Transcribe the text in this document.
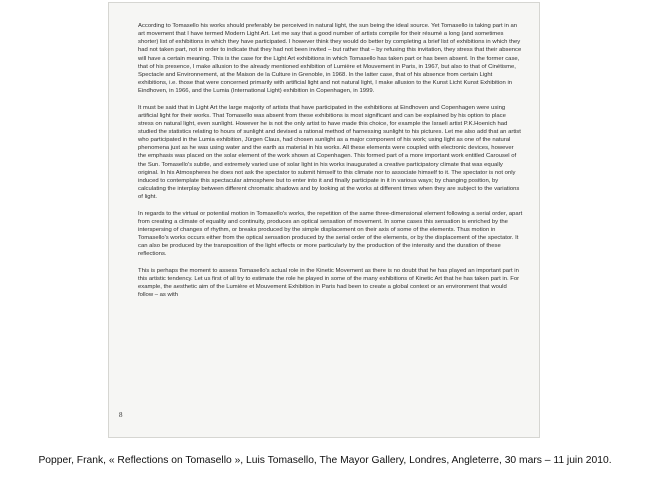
According to Tomasello his works should preferably be perceived in natural light, the sun being the ideal source. Yet Tomasello is taking part in an art movement that I have termed Modern Light Art. Let me say that a good number of artists compile for their résumé a long (and sometimes shorter) list of exhibitions in which they have participated. I however think they would do better by completing a brief list of exhibitions in which they had not taken part, not in order to indicate that they had not been invited – but rather that – by refusing this invitation, they stress that their absence will have a certain meaning. This is the case for the Light Art exhibitions in which Tomasello has taken part or has been absent. In the former case, that of his presence, I make allusion to the already mentioned exhibition of Lumière et Mouvement in Paris, in 1967, but also to that of Cinétisme, Spectacle and Environnement, at the Maison de la Culture in Grenoble, in 1968. In the latter case, that of his absence from certain Light exhibitions, i.e. those that were concerned primarily with artificial light and not natural light, I make allusion to the Kunst Licht Kunst Exhibition in Eindhoven, in 1966, and the Lumia (International Light) exhibition in Copenhagen, in 1999.

It must be said that in Light Art the large majority of artists that have participated in the exhibitions at Eindhoven and Copenhagen were using artificial light for their works. That Tomasello was absent from these exhibitions is most significant and can be explained by his option to place stress on natural light, even sunlight. However he is not the only artist to have made this choice, for example the Israeli artist P.K.Hoenich had studied the statistics relating to hours of sunlight and devised a rational method of harnessing sunlight to his pictures. Let me also add that an artist who participated in the Lumia exhibition, Jürgen Claus, had chosen sunlight as a major component of his work; using light as one of the natural phenomena just as he was using water and the earth as material in his works. All these elements were coupled with electronic devices, however the emphasis was placed on the solar element of the work shown at Copenhagen. This formed part of a more important work entitled Carousel of the Sun. Tomasello's subtle, and extremely varied use of solar light in his works inaugurated a creative participatory climate that was equally original. In his Atmospheres he does not ask the spectator to submit himself to this climate nor to associate himself to it. The spectator is not only induced to contemplate this spectacular atmosphere but to enter into it and finally participate in it in various ways; by changing position, by calculating the interplay between different chromatic shadows and by looking at the works at different times when they are subject to the variations of light.

In regards to the virtual or potential motion in Tomasello's works, the repetition of the same three-dimensional element following a serial order, apart from creating a climate of equality and continuity, produces an optical sensation of movement. In some cases this sensation is enriched by the interspersing of changes of rhythm, or breaks produced by the simple displacement on their axis of some of the elements. Thus motion in Tomasello's works occurs either from the optical sensation produced by the serial order of the elements, or by the displacement of the spectator. It can also be produced by the transposition of the light effects or more particularly by the production of the intensity and the duration of these reflections.

This is perhaps the moment to assess Tomasello's actual role in the Kinetic Movement as there is no doubt that he has played an important part in this artistic tendency. Let us first of all try to estimate the role he played in some of the many exhibitions of Kinetic Art that he has taken part in. For example, the aesthetic aim of the Lumière et Mouvement Exhibition in Paris had been to create a global context or an environment that would follow – as with

8
Popper, Frank, « Reflections on Tomasello », Luis Tomasello, The Mayor Gallery, Londres, Angleterre, 30 mars – 11 juin 2010.
